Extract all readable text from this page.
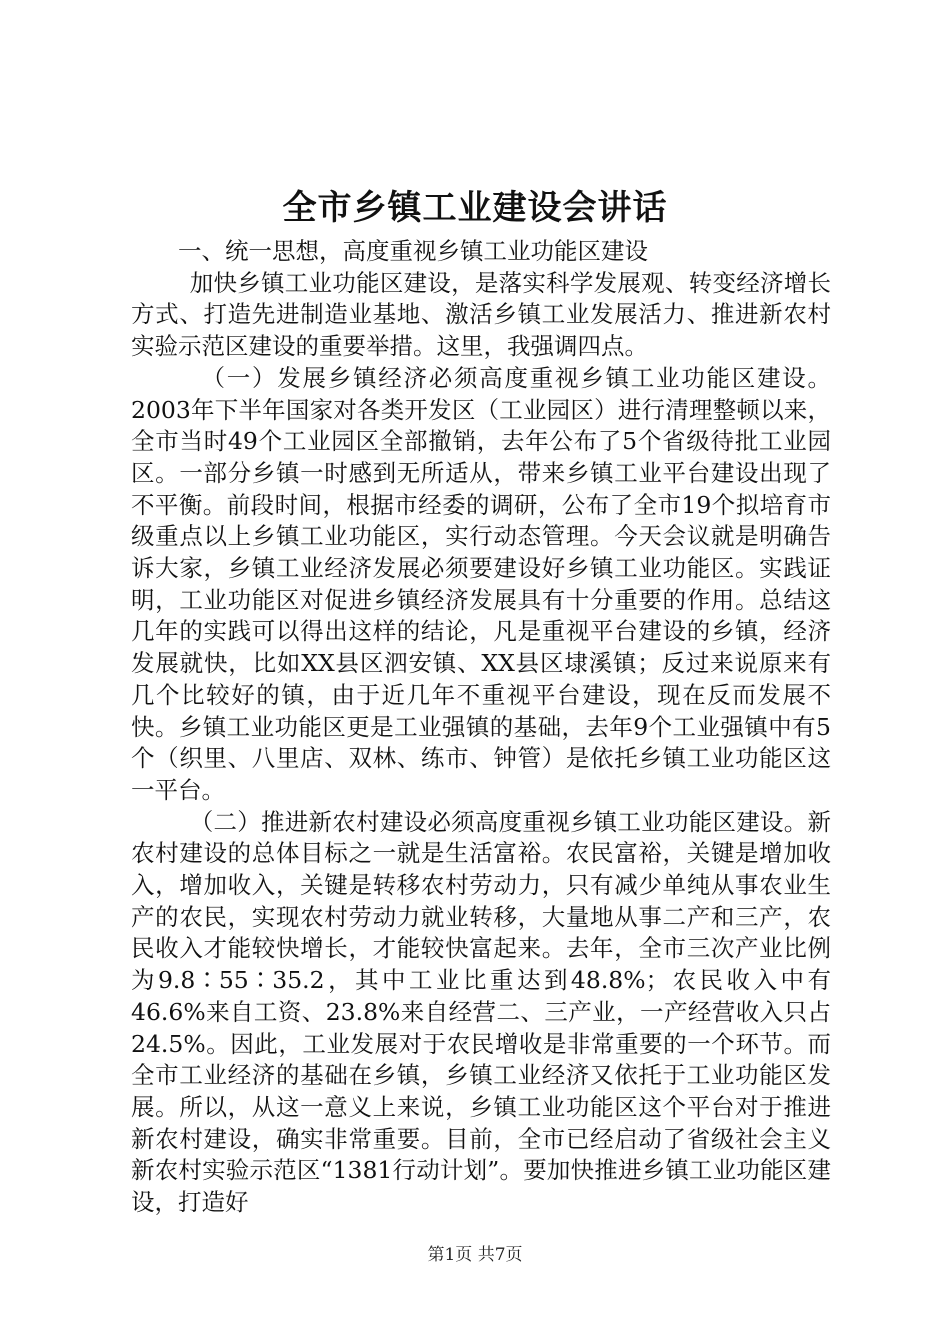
全市乡镇工业建设会讲话

一、统一思想，高度重视乡镇工业功能区建设

加快乡镇工业功能区建设，是落实科学发展观、转变经济增长方式、打造先进制造业基地、激活乡镇工业发展活力、推进新农村实验示范区建设的重要举措。这里，我强调四点。

（一）发展乡镇经济必须高度重视乡镇工业功能区建设。2003年下半年国家对各类开发区（工业园区）进行清理整顿以来，全市当时49个工业园区全部撤销，去年公布了5个省级待批工业园区。一部分乡镇一时感到无所适从，带来乡镇工业平台建设出现了不平衡。前段时间，根据市经委的调研，公布了全市19个拟培育市级重点以上乡镇工业功能区，实行动态管理。今天会议就是明确告诉大家，乡镇工业经济发展必须要建设好乡镇工业功能区。实践证明，工业功能区对促进乡镇经济发展具有十分重要的作用。总结这几年的实践可以得出这样的结论，凡是重视平台建设的乡镇，经济发展就快，比如XX县区泗安镇、XX县区埭溪镇；反过来说原来有几个比较好的镇，由于近几年不重视平台建设，现在反而发展不快。乡镇工业功能区更是工业强镇的基础，去年9个工业强镇中有5个（织里、八里店、双林、练市、钟管）是依托乡镇工业功能区这一平台。

（二）推进新农村建设必须高度重视乡镇工业功能区建设。新农村建设的总体目标之一就是生活富裕。农民富裕，关键是增加收入，增加收入，关键是转移农村劳动力，只有减少单纯从事农业生产的农民，实现农村劳动力就业转移，大量地从事二产和三产，农民收入才能较快增长，才能较快富起来。去年，全市三次产业比例为9.8∶55∶35.2，其中工业比重达到48.8%；农民收入中有46.6%来自工资、23.8%来自经营二、三产业，一产经营收入只占24.5%。因此，工业发展对于农民增收是非常重要的一个环节。而全市工业经济的基础在乡镇，乡镇工业经济又依托于工业功能区发展。所以，从这一意义上来说，乡镇工业功能区这个平台对于推进新农村建设，确实非常重要。目前，全市已经启动了省级社会主义新农村实验示范区“1381行动计划”。要加快推进乡镇工业功能区建设，打造好

第1页 共7页
